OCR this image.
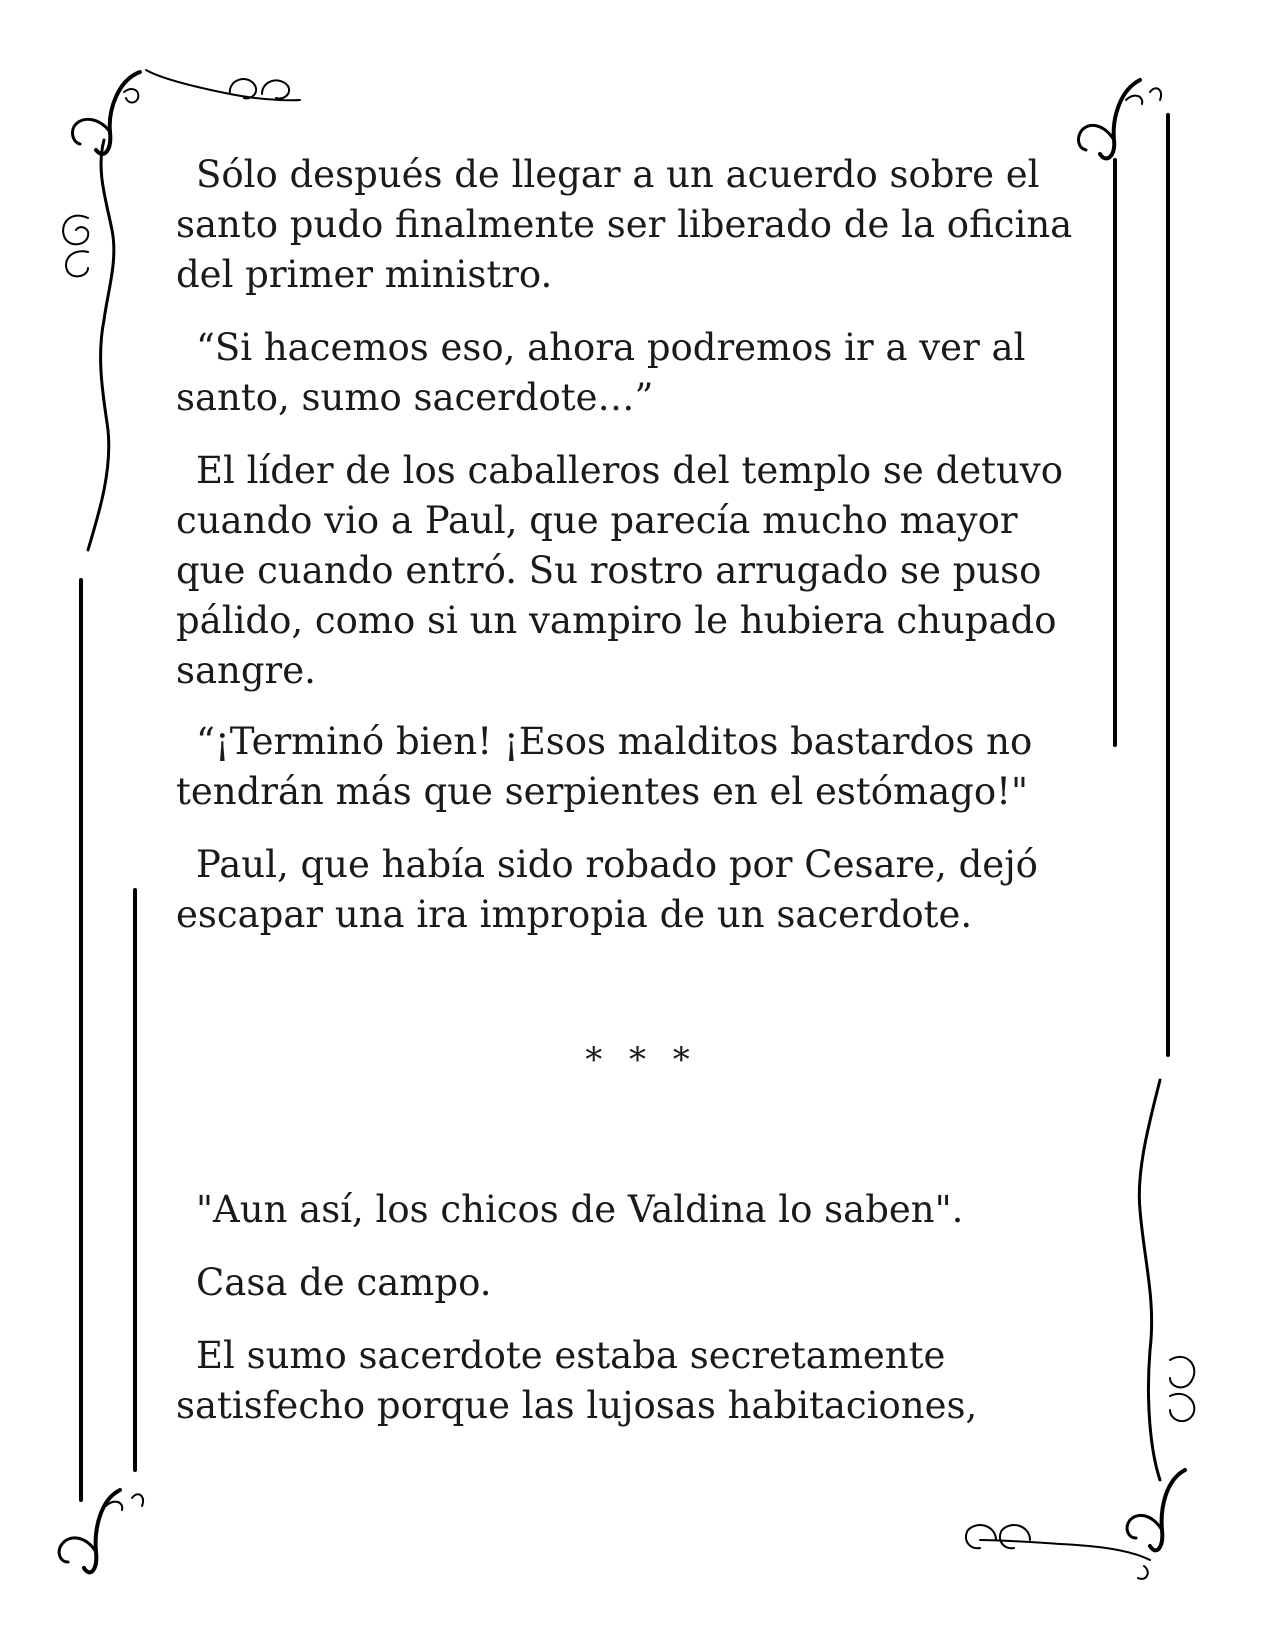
Sólo después de llegar a un acuerdo sobre el
santo pudo finalmente ser liberado de la oficina
del primer ministro.

“Si hacemos eso, ahora podremos ir a ver al
santo, sumo sacerdote…”

El líder de los caballeros del templo se detuvo
cuando vio a Paul, que parecía mucho mayor
que cuando entró. Su rostro arrugado se puso
pálido, como si un vampiro le hubiera chupado
sangre.

“¡Terminó bien! ¡Esos malditos bastardos no
tendrán más que serpientes en el estómago!"

Paul, que había sido robado por Cesare, dejó
escapar una ira impropia de un sacerdote.

* * *

"Aun así, los chicos de Valdina lo saben".

Casa de campo.

El sumo sacerdote estaba secretamente
satisfecho porque las lujosas habitaciones,
